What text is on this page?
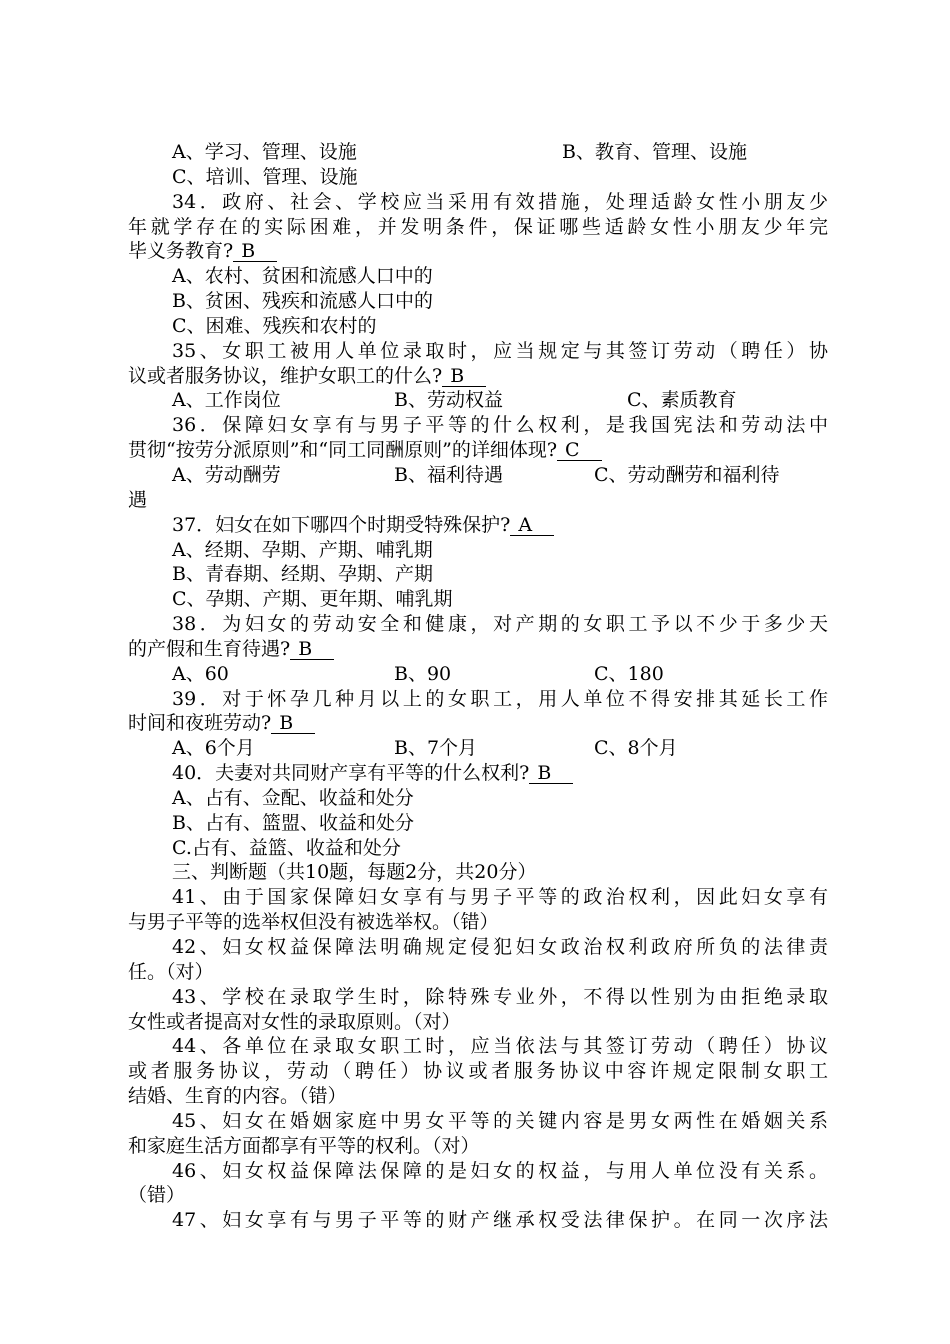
A、学习、管理、设施	B、教育、管理、设施
C、培训、管理、设施
34．政府、社会、学校应当采用有效措施，处理适龄女性小朋友少
年就学存在的实际困难，并发明条件，保证哪些适龄女性小朋友少年完
毕义务教育? B
A、农村、贫困和流感人口中的
B、贫困、残疾和流感人口中的
C、困难、残疾和农村的
35、女职工被用人单位录取时，应当规定与其签订劳动（聘任）协
议或者服务协议，维护女职工的什么? B
A、工作岗位	B、劳动权益	C、素质教育
36．保障妇女享有与男子平等的什么权利，是我国宪法和劳动法中
贯彻“按劳分派原则”和“同工同酬原则”的详细体现? C
A、劳动酬劳	B、福利待遇	C、劳动酬劳和福利待
遇
37．妇女在如下哪四个时期受特殊保护? A
A、经期、孕期、产期、哺乳期
B、青春期、经期、孕期、产期
C、孕期、产期、更年期、哺乳期
38．为妇女的劳动安全和健康，对产期的女职工予以不少于多少天
的产假和生育待遇? B
A、60	B、90	C、180
39．对于怀孕几种月以上的女职工，用人单位不得安排其延长工作
时间和夜班劳动? B
A、6个月	B、7个月	C、8个月
40．夫妻对共同财产享有平等的什么权利? B
A、占有、佥配、收益和处分
B、占有、篮盟、收益和处分
C.占有、益篮、收益和处分
三、判断题（共10题，每题2分，共20分）
41、由于国家保障妇女享有与男子平等的政治权利，因此妇女享有
与男子平等的选举权但没有被选举权。（错）
42、妇女权益保障法明确规定侵犯妇女政治权利政府所负的法律责
任。（对）
43、学校在录取学生时，除特殊专业外，不得以性别为由拒绝录取
女性或者提高对女性的录取原则。（对）
44、各单位在录取女职工时，应当依法与其签订劳动（聘任）协议
或者服务协议，劳动（聘任）协议或者服务协议中容许规定限制女职工
结婚、生育的内容。（错）
45、妇女在婚姻家庭中男女平等的关键内容是男女两性在婚姻关系
和家庭生活方面都享有平等的权利。（对）
46、妇女权益保障法保障的是妇女的权益，与用人单位没有关系。
（错）
47、妇女享有与男子平等的财产继承权受法律保护。在同一次序法
